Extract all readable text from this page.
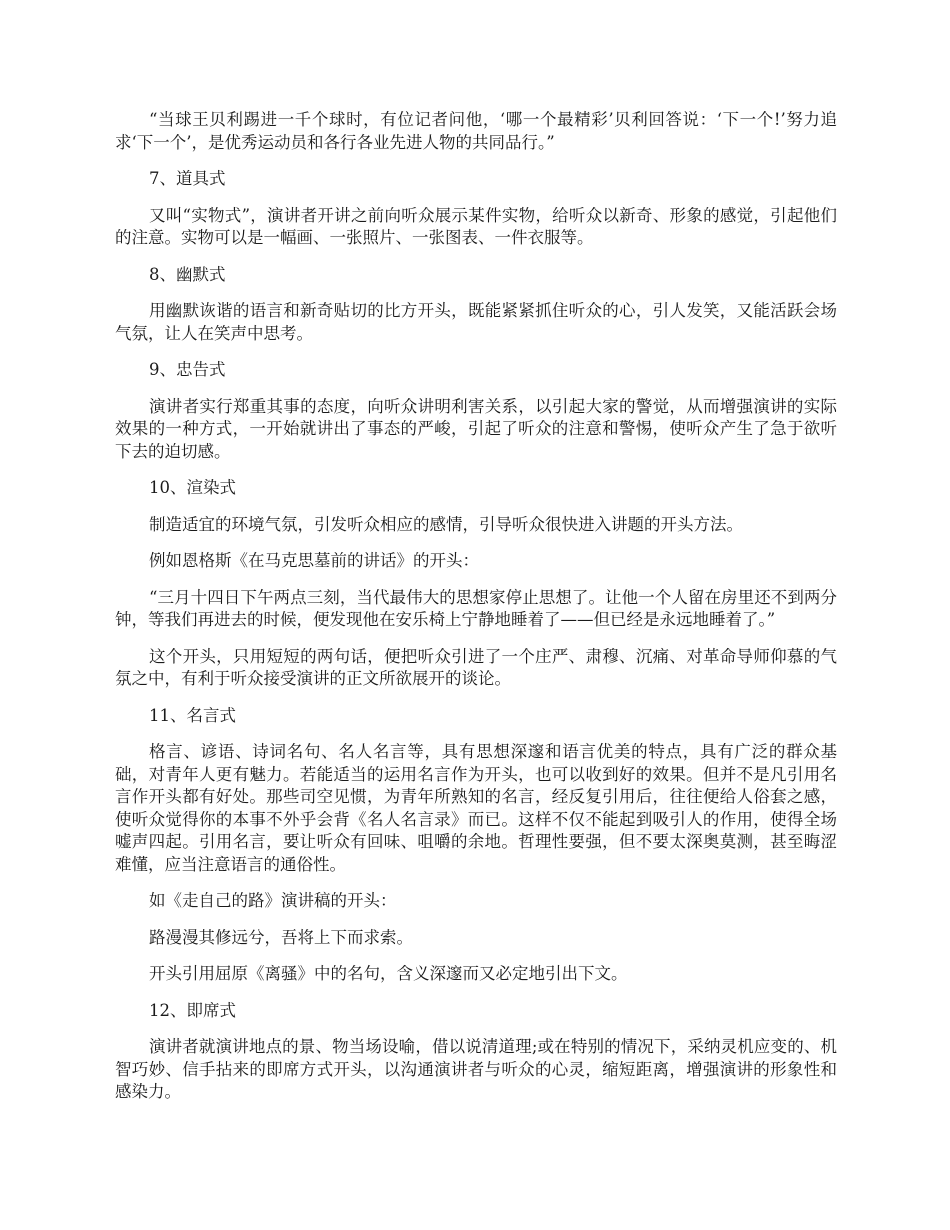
“当球王贝利踢进一千个球时，有位记者问他，‘哪一个最精彩’贝利回答说：‘下一个!’努力追求‘下一个’，是优秀运动员和各行各业先进人物的共同品行。”

7、道具式

又叫“实物式”，演讲者开讲之前向听众展示某件实物，给听众以新奇、形象的感觉，引起他们的注意。实物可以是一幅画、一张照片、一张图表、一件衣服等。

8、幽默式

用幽默诙谐的语言和新奇贴切的比方开头，既能紧紧抓住听众的心，引人发笑，又能活跃会场气氛，让人在笑声中思考。

9、忠告式

演讲者实行郑重其事的态度，向听众讲明利害关系，以引起大家的警觉，从而增强演讲的实际效果的一种方式，一开始就讲出了事态的严峻，引起了听众的注意和警惕，使听众产生了急于欲听下去的迫切感。

10、渲染式

制造适宜的环境气氛，引发听众相应的感情，引导听众很快进入讲题的开头方法。

例如恩格斯《在马克思墓前的讲话》的开头：

“三月十四日下午两点三刻，当代最伟大的思想家停止思想了。让他一个人留在房里还不到两分钟，等我们再进去的时候，便发现他在安乐椅上宁静地睡着了——但已经是永远地睡着了。”

这个开头，只用短短的两句话，便把听众引进了一个庄严、肃穆、沉痛、对革命导师仰慕的气氛之中，有利于听众接受演讲的正文所欲展开的谈论。

11、名言式

格言、谚语、诗词名句、名人名言等，具有思想深邃和语言优美的特点，具有广泛的群众基础，对青年人更有魅力。若能适当的运用名言作为开头，也可以收到好的效果。但并不是凡引用名言作开头都有好处。那些司空见惯，为青年所熟知的名言，经反复引用后，往往便给人俗套之感，使听众觉得你的本事不外乎会背《名人名言录》而已。这样不仅不能起到吸引人的作用，使得全场嘘声四起。引用名言，要让听众有回味、咀嚼的余地。哲理性要强，但不要太深奥莫测，甚至晦涩难懂，应当注意语言的通俗性。

如《走自己的路》演讲稿的开头：

路漫漫其修远兮，吾将上下而求索。

开头引用屈原《离骚》中的名句，含义深邃而又必定地引出下文。

12、即席式

演讲者就演讲地点的景、物当场设喻，借以说清道理;或在特别的情况下，采纳灵机应变的、机智巧妙、信手拈来的即席方式开头，以沟通演讲者与听众的心灵，缩短距离，增强演讲的形象性和感染力。
